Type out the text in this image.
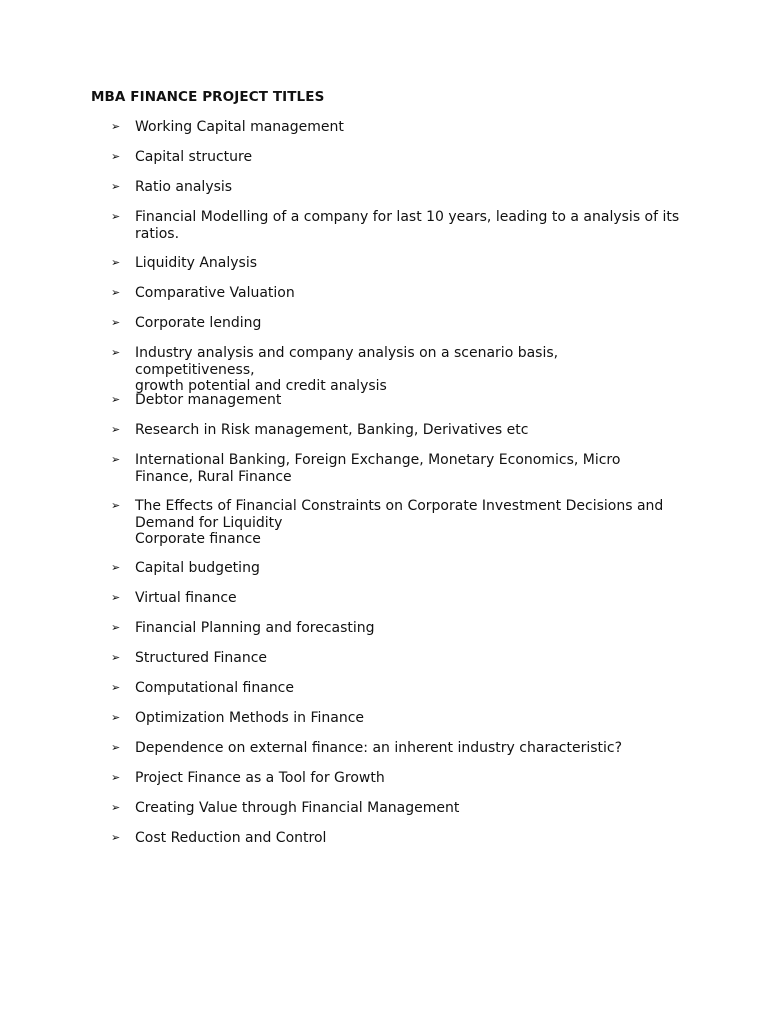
MBA FINANCE PROJECT TITLES
➢ Working Capital management
➢ Capital structure
➢ Ratio analysis
➢ Financial Modelling of a company for last 10 years, leading to a analysis of its
ratios.
➢ Liquidity Analysis
➢ Comparative Valuation
➢ Corporate lending
➢ Industry analysis and company analysis on a scenario basis, competitiveness,
growth potential and credit analysis
➢ Debtor management
➢ Research in Risk management, Banking, Derivatives etc
➢ International Banking, Foreign Exchange, Monetary Economics, Micro
Finance, Rural Finance
➢ The Effects of Financial Constraints on Corporate Investment Decisions and
Demand for Liquidity
Corporate finance
➢ Capital budgeting
➢ Virtual finance
➢ Financial Planning and forecasting
➢ Structured Finance
➢ Computational finance
➢ Optimization Methods in Finance
➢ Dependence on external finance: an inherent industry characteristic?
➢ Project Finance as a Tool for Growth
➢ Creating Value through Financial Management
➢ Cost Reduction and Control
